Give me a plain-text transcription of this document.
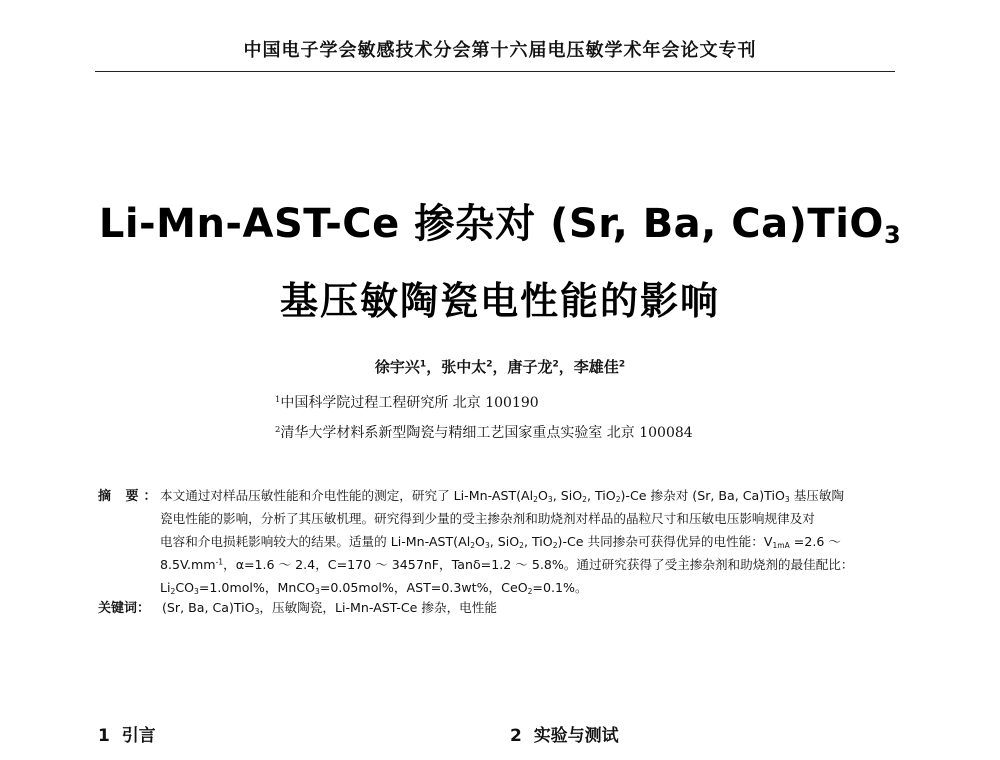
中国电子学会敏感技术分会第十六届电压敏学术年会论文专刊
Li-Mn-AST-Ce 掺杂对 (Sr, Ba, Ca)TiO$_3$
基压敏陶瓷电性能的影响
徐宇兴$^1$，张中太$^2$，唐子龙$^2$，李雄佳$^2$
$^1$中国科学院过程工程研究所 北京 100190
$^2$清华大学材料系新型陶瓷与精细工艺国家重点实验室 北京 100084
摘 要：
本文通过对样品压敏性能和介电性能的测定，研究了 $Li-Mn-AST(Al_2O_3$, SiO$_2$, TiO$_2$)-Ce 掺杂对 (Sr, Ba, Ca)TiO$_3$ 基压敏陶
瓷电性能的影响，分析了其压敏机理。研究得到少量的受主掺杂剂和助烧剂对样品的晶粒尺寸和压敏电压影响规律及对
电容和介电损耗影响较大的结果。适量的 $Li-Mn-AST(Al_2O_3$, SiO$_2$, TiO$_2$)-Ce 共同掺杂可获得优异的电性能：$V_{1mA} =2.6$ ～
$8.5V.mm^{-1}$，α=1.6 ～ 2.4，C=170 ～ 3457nF，Tanδ=1.2 ～ 5.8%。通过研究获得了受主掺杂剂和助烧剂的最佳配比：
$Li_2CO_3=1.0mol\%$，MnCO$_3$=0.05mol%，AST=0.3wt%，CeO$_2$=0.1%。
关键词： (Sr, Ba, Ca)TiO$_3$，压敏陶瓷，Li-Mn-AST-Ce 掺杂，电性能
1 引言	2 实验与测试
